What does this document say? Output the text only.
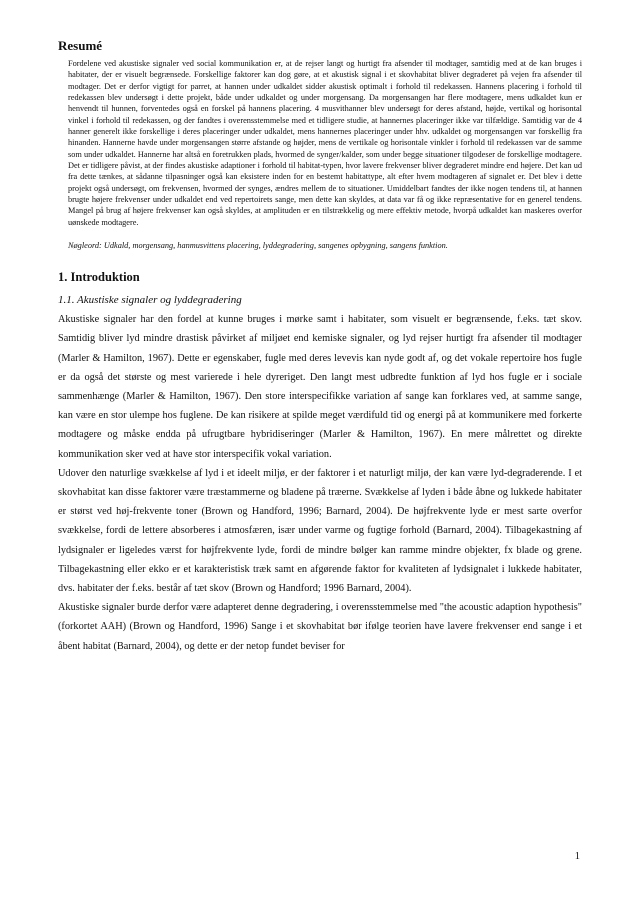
Resumé

Fordelene ved akustiske signaler ved social kommunikation er, at de rejser langt og hurtigt fra afsender til modtager, samtidig med at de kan bruges i habitater, der er visuelt begrænsede. Forskellige faktorer kan dog gøre, at et akustisk signal i et skovhabitat bliver degraderet på vejen fra afsender til modtager. Det er derfor vigtigt for parret, at hannen under udkaldet sidder akustisk optimalt i forhold til redekassen. Hannens placering i forhold til redekassen blev undersøgt i dette projekt, både under udkaldet og under morgensang. Da morgensangen har flere modtagere, mens udkaldet kun er henvendt til hunnen, forventedes også en forskel på hannens placering. 4 musvithanner blev undersøgt for deres afstand, højde, vertikal og horisontal vinkel i forhold til redekassen, og der fandtes i overensstemmelse med et tidligere studie, at hannernes placeringer ikke var tilfældige. Samtidig var de 4 hanner generelt ikke forskellige i deres placeringer under udkaldet, mens hannernes placeringer under hhv. udkaldet og morgensangen var forskellig fra hinanden. Hannerne havde under morgensangen større afstande og højder, mens de vertikale og horisontale vinkler i forhold til redekassen var de samme som under udkaldet. Hannerne har altså en foretrukken plads, hvormed de synger/kalder, som under begge situationer tilgodeser de forskellige modtagere. Det er tidligere påvist, at der findes akustiske adaptioner i forhold til habitat-typen, hvor lavere frekvenser bliver degraderet mindre end højere. Det kan ud fra dette tænkes, at sådanne tilpasninger også kan eksistere inden for en bestemt habitattype, alt efter hvem modtageren af signalet er. Det blev i dette projekt også undersøgt, om frekvensen, hvormed der synges, ændres mellem de to situationer. Umiddelbart fandtes der ikke nogen tendens til, at hannen brugte højere frekvenser under udkaldet end ved repertoirets sange, men dette kan skyldes, at data var få og ikke repræsentative for en generel tendens. Mangel på brug af højere frekvenser kan også skyldes, at amplituden er en tilstrækkelig og mere effektiv metode, hvorpå udkaldet kan maskeres overfor uønskede modtagere.

Nøgleord: Udkald, morgensang, hanmusvittens placering, lyddegradering, sangenes opbygning, sangens funktion.
1. Introduktion
1.1. Akustiske signaler og lyddegradering

Akustiske signaler har den fordel at kunne bruges i mørke samt i habitater, som visuelt er begrænsende, f.eks. tæt skov. Samtidig bliver lyd mindre drastisk påvirket af miljøet end kemiske signaler, og lyd rejser hurtigt fra afsender til modtager (Marler & Hamilton, 1967). Dette er egenskaber, fugle med deres levevis kan nyde godt af, og det vokale repertoire hos fugle er da også det største og mest varierede i hele dyreriget. Den langt mest udbredte funktion af lyd hos fugle er i sociale sammenhænge (Marler & Hamilton, 1967). Den store interspecifikke variation af sange kan forklares ved, at samme sange, kan være en stor ulempe hos fuglene. De kan risikere at spilde meget værdifuld tid og energi på at kommunikere med forkerte modtagere og måske endda på ufrugtbare hybridiseringer (Marler & Hamilton, 1967). En mere målrettet og direkte kommunikation sker ved at have stor interspecifik vokal variation.

Udover den naturlige svækkelse af lyd i et ideelt miljø, er der faktorer i et naturligt miljø, der kan være lyd-degraderende. I et skovhabitat kan disse faktorer være træstammerne og bladene på træerne. Svækkelse af lyden i både åbne og lukkede habitater er størst ved høj-frekvente toner (Brown og Handford, 1996; Barnard, 2004). De højfrekvente lyde er mest sarte overfor svækkelse, fordi de lettere absorberes i atmosfæren, især under varme og fugtige forhold (Barnard, 2004). Tilbagekastning af lydsignaler er ligeledes værst for højfrekvente lyde, fordi de mindre bølger kan ramme mindre objekter, fx blade og grene. Tilbagekastning eller ekko er et karakteristisk træk samt en afgørende faktor for kvaliteten af lydsignalet i lukkede habitater, dvs. habitater der f.eks. består af tæt skov (Brown og Handford; 1996 Barnard, 2004).

Akustiske signaler burde derfor være adapteret denne degradering, i overensstemmelse med "the acoustic adaption hypothesis" (forkortet AAH) (Brown og Handford, 1996) Sange i et skovhabitat bør ifølge teorien have lavere frekvenser end sange i et åbent habitat (Barnard, 2004), og dette er der netop fundet beviser for

1
